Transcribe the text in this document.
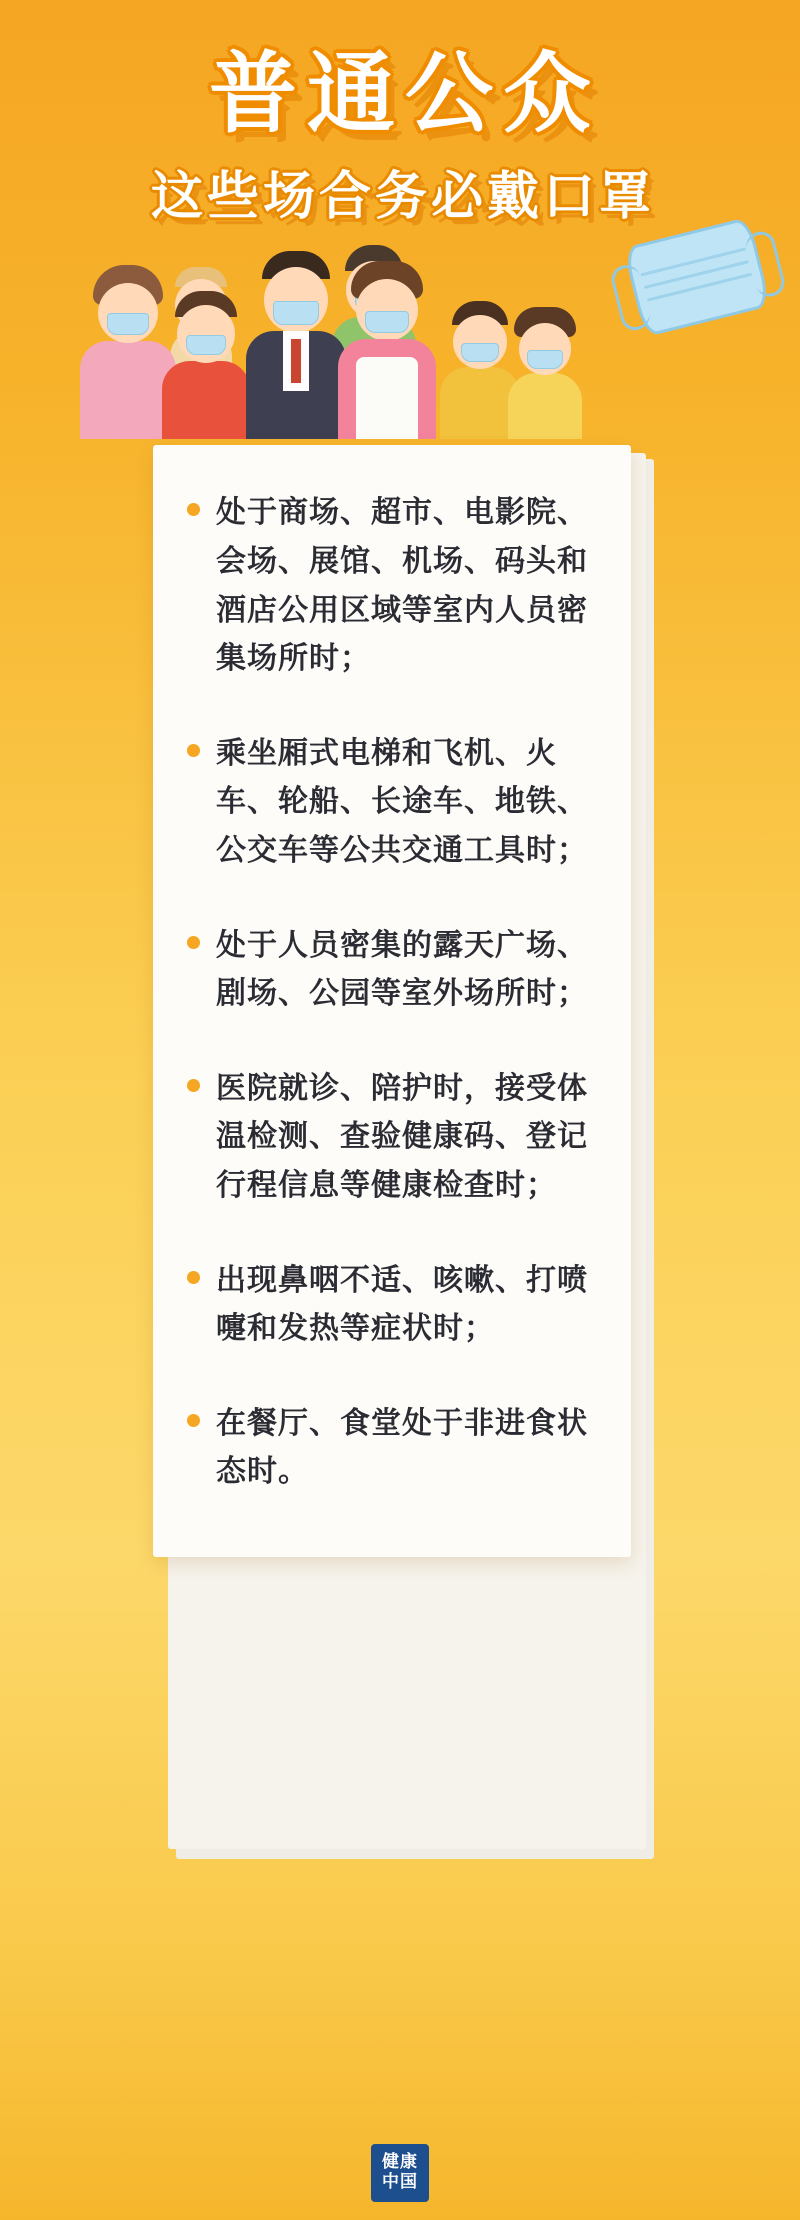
普通公众
这些场合务必戴口罩
处于商场、超市、电影院、会场、展馆、机场、码头和酒店公用区域等室内人员密集场所时；
乘坐厢式电梯和飞机、火车、轮船、长途车、地铁、公交车等公共交通工具时；
处于人员密集的露天广场、剧场、公园等室外场所时；
医院就诊、陪护时，接受体温检测、查验健康码、登记行程信息等健康检查时；
出现鼻咽不适、咳嗽、打喷嚏和发热等症状时；
在餐厅、食堂处于非进食状态时。
健康
中国
